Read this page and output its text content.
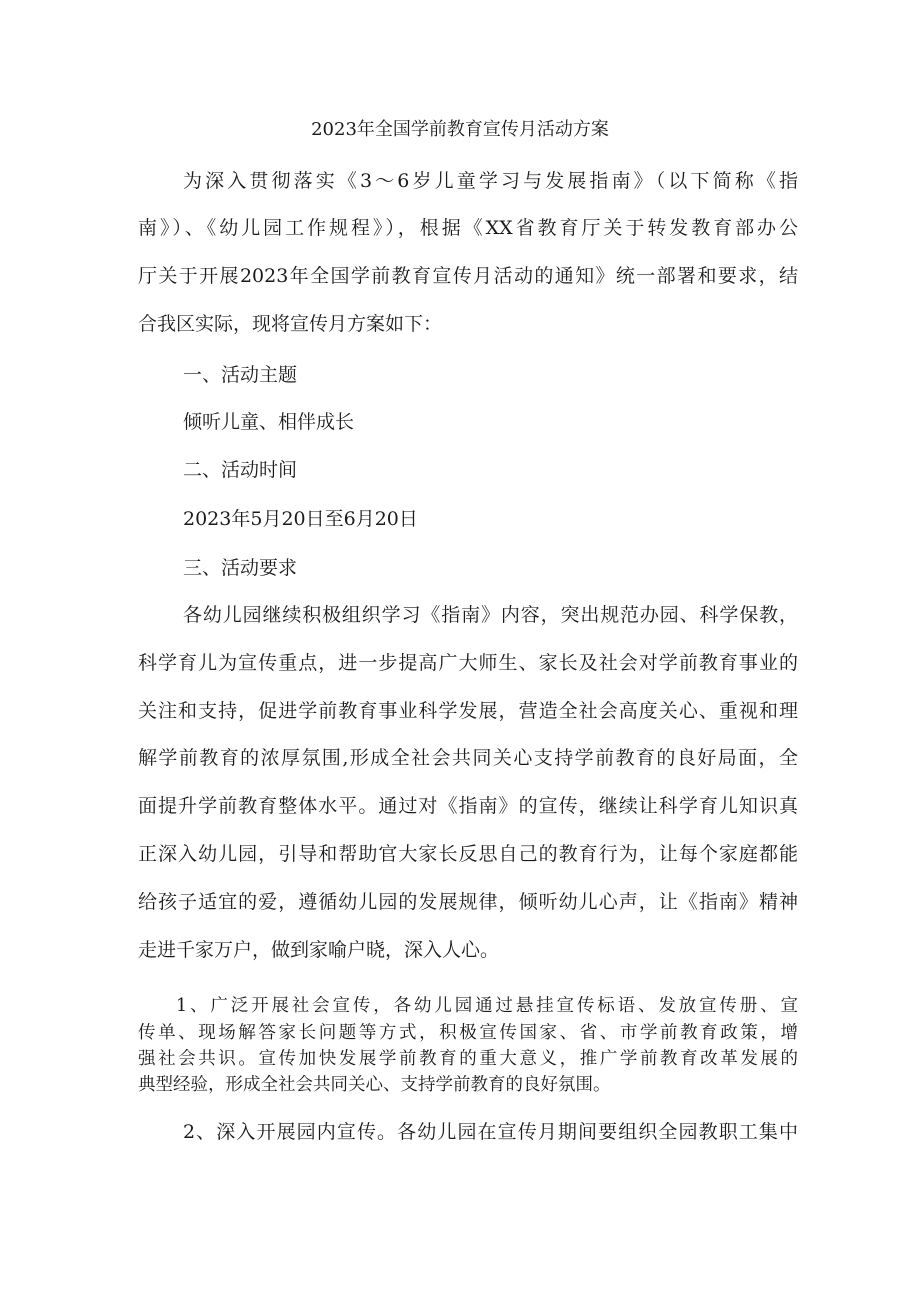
2023年全国学前教育宣传月活动方案
为深入贯彻落实《3～6岁儿童学习与发展指南》（以下简称《指
南》）、《幼儿园工作规程》），根据《XX省教育厅关于转发教育部办公
厅关于开展2023年全国学前教育宣传月活动的通知》统一部署和要求，结
合我区实际，现将宣传月方案如下：
一、活动主题
倾听儿童、相伴成长
二、活动时间
2023年5月20日至6月20日
三、活动要求
各幼儿园继续积极组织学习《指南》内容，突出规范办园、科学保教，
科学育儿为宣传重点，进一步提高广大师生、家长及社会对学前教育事业的
关注和支持，促进学前教育事业科学发展，营造全社会高度关心、重视和理
解学前教育的浓厚氛围,形成全社会共同关心支持学前教育的良好局面，全
面提升学前教育整体水平。通过对《指南》的宣传，继续让科学育儿知识真
正深入幼儿园，引导和帮助官大家长反思自己的教育行为，让每个家庭都能
给孩子适宜的爱，遵循幼儿园的发展规律，倾听幼儿心声，让《指南》精神
走进千家万户，做到家喻户晓，深入人心。
1、广泛开展社会宣传，各幼儿园通过悬挂宣传标语、发放宣传册、宣
传单、现场解答家长问题等方式，积极宣传国家、省、市学前教育政策，增
强社会共识。宣传加快发展学前教育的重大意义，推广学前教育改革发展的
典型经验，形成全社会共同关心、支持学前教育的良好氛围。
2、深入开展园内宣传。各幼儿园在宣传月期间要组织全园教职工集中
